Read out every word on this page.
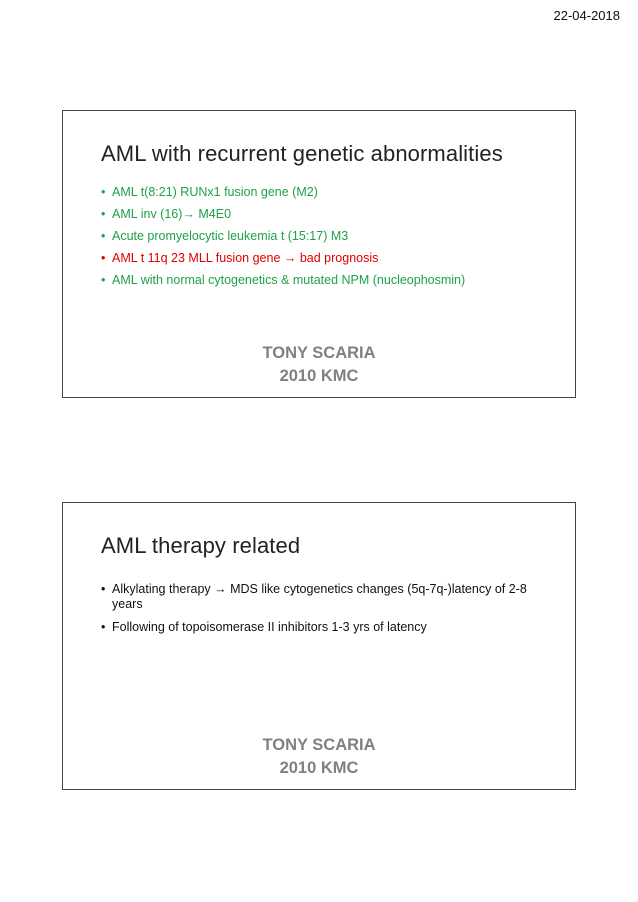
22-04-2018
AML with recurrent genetic abnormalities
• AML t(8:21) RUNx1 fusion gene (M2)
• AML inv (16)→ M4E0
• Acute promyelocytic leukemia t (15:17) M3
• AML t 11q 23 MLL fusion gene → bad prognosis
• AML with normal cytogenetics & mutated NPM (nucleophosmin)
TONY SCARIA
2010 KMC
AML therapy related
• Alkylating therapy → MDS like cytogenetics changes (5q-7q-)latency of 2-8 years
• Following of topoisomerase II inhibitors 1-3 yrs of latency
TONY SCARIA
2010 KMC
